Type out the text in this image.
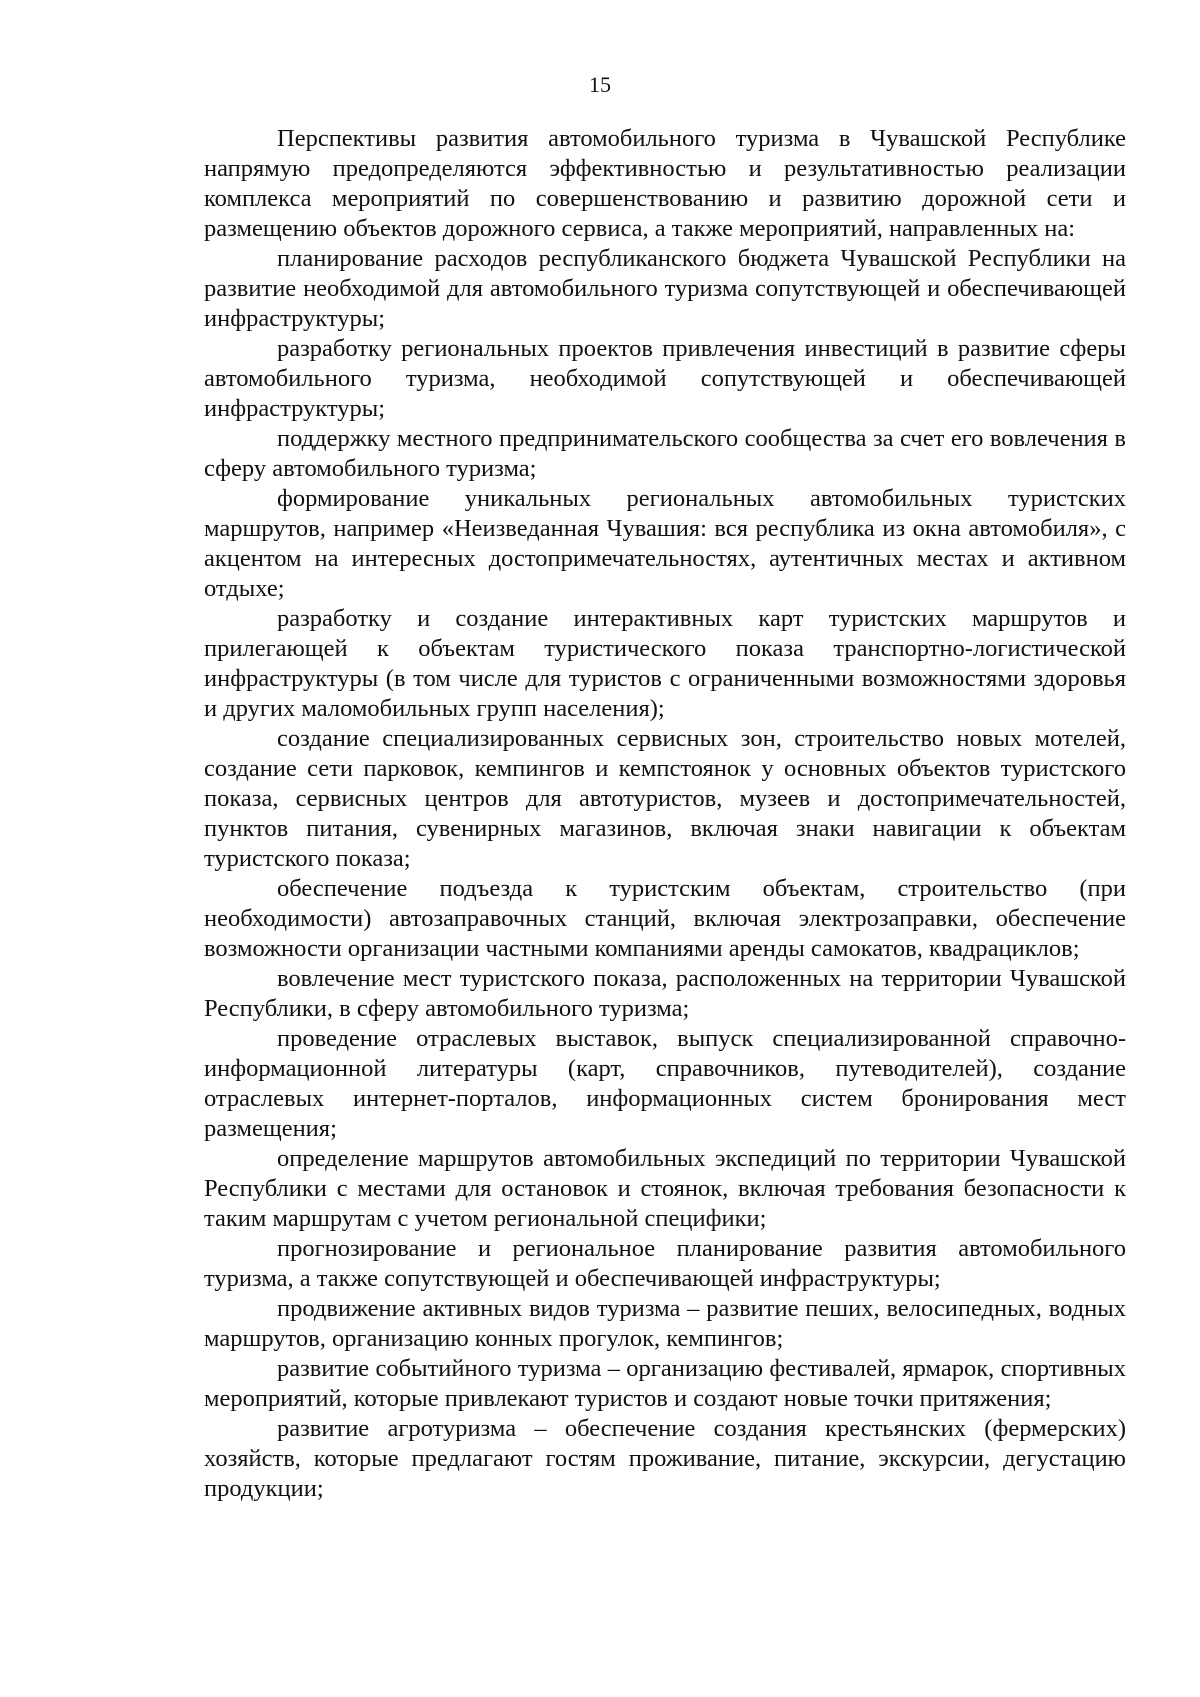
15

Перспективы развития автомобильного туризма в Чувашской Республике напрямую предопределяются эффективностью и результативностью реализации комплекса мероприятий по совершенствованию и развитию дорожной сети и размещению объектов дорожного сервиса, а также мероприятий, направленных на:

планирование расходов республиканского бюджета Чувашской Республики на развитие необходимой для автомобильного туризма сопутствующей и обеспечивающей инфраструктуры;

разработку региональных проектов привлечения инвестиций в развитие сферы автомобильного туризма, необходимой сопутствующей и обеспечивающей инфраструктуры;

поддержку местного предпринимательского сообщества за счет его вовлечения в сферу автомобильного туризма;

формирование уникальных региональных автомобильных туристских маршрутов, например «Неизведанная Чувашия: вся республика из окна автомобиля», с акцентом на интересных достопримечательностях, аутентичных местах и активном отдыхе;

разработку и создание интерактивных карт туристских маршрутов и прилегающей к объектам туристического показа транспортно-логистической инфраструктуры (в том числе для туристов с ограниченными возможностями здоровья и других маломобильных групп населения);

создание специализированных сервисных зон, строительство новых мотелей, создание сети парковок, кемпингов и кемпстоянок у основных объектов туристского показа, сервисных центров для автотуристов, музеев и достопримечательностей, пунктов питания, сувенирных магазинов, включая знаки навигации к объектам туристского показа;

обеспечение подъезда к туристским объектам, строительство (при необходимости) автозаправочных станций, включая электрозаправки, обеспечение возможности организации частными компаниями аренды самокатов, квадрациклов;

вовлечение мест туристского показа, расположенных на территории Чувашской Республики, в сферу автомобильного туризма;

проведение отраслевых выставок, выпуск специализированной справочно-информационной литературы (карт, справочников, путеводителей), создание отраслевых интернет-порталов, информационных систем бронирования мест размещения;

определение маршрутов автомобильных экспедиций по территории Чувашской Республики с местами для остановок и стоянок, включая требования безопасности к таким маршрутам с учетом региональной специфики;

прогнозирование и региональное планирование развития автомобильного туризма, а также сопутствующей и обеспечивающей инфраструктуры;

продвижение активных видов туризма – развитие пеших, велосипедных, водных маршрутов, организацию конных прогулок, кемпингов;

развитие событийного туризма – организацию фестивалей, ярмарок, спортивных мероприятий, которые привлекают туристов и создают новые точки притяжения;

развитие агротуризма – обеспечение создания крестьянских (фермерских) хозяйств, которые предлагают гостям проживание, питание, экскурсии, дегустацию продукции;
